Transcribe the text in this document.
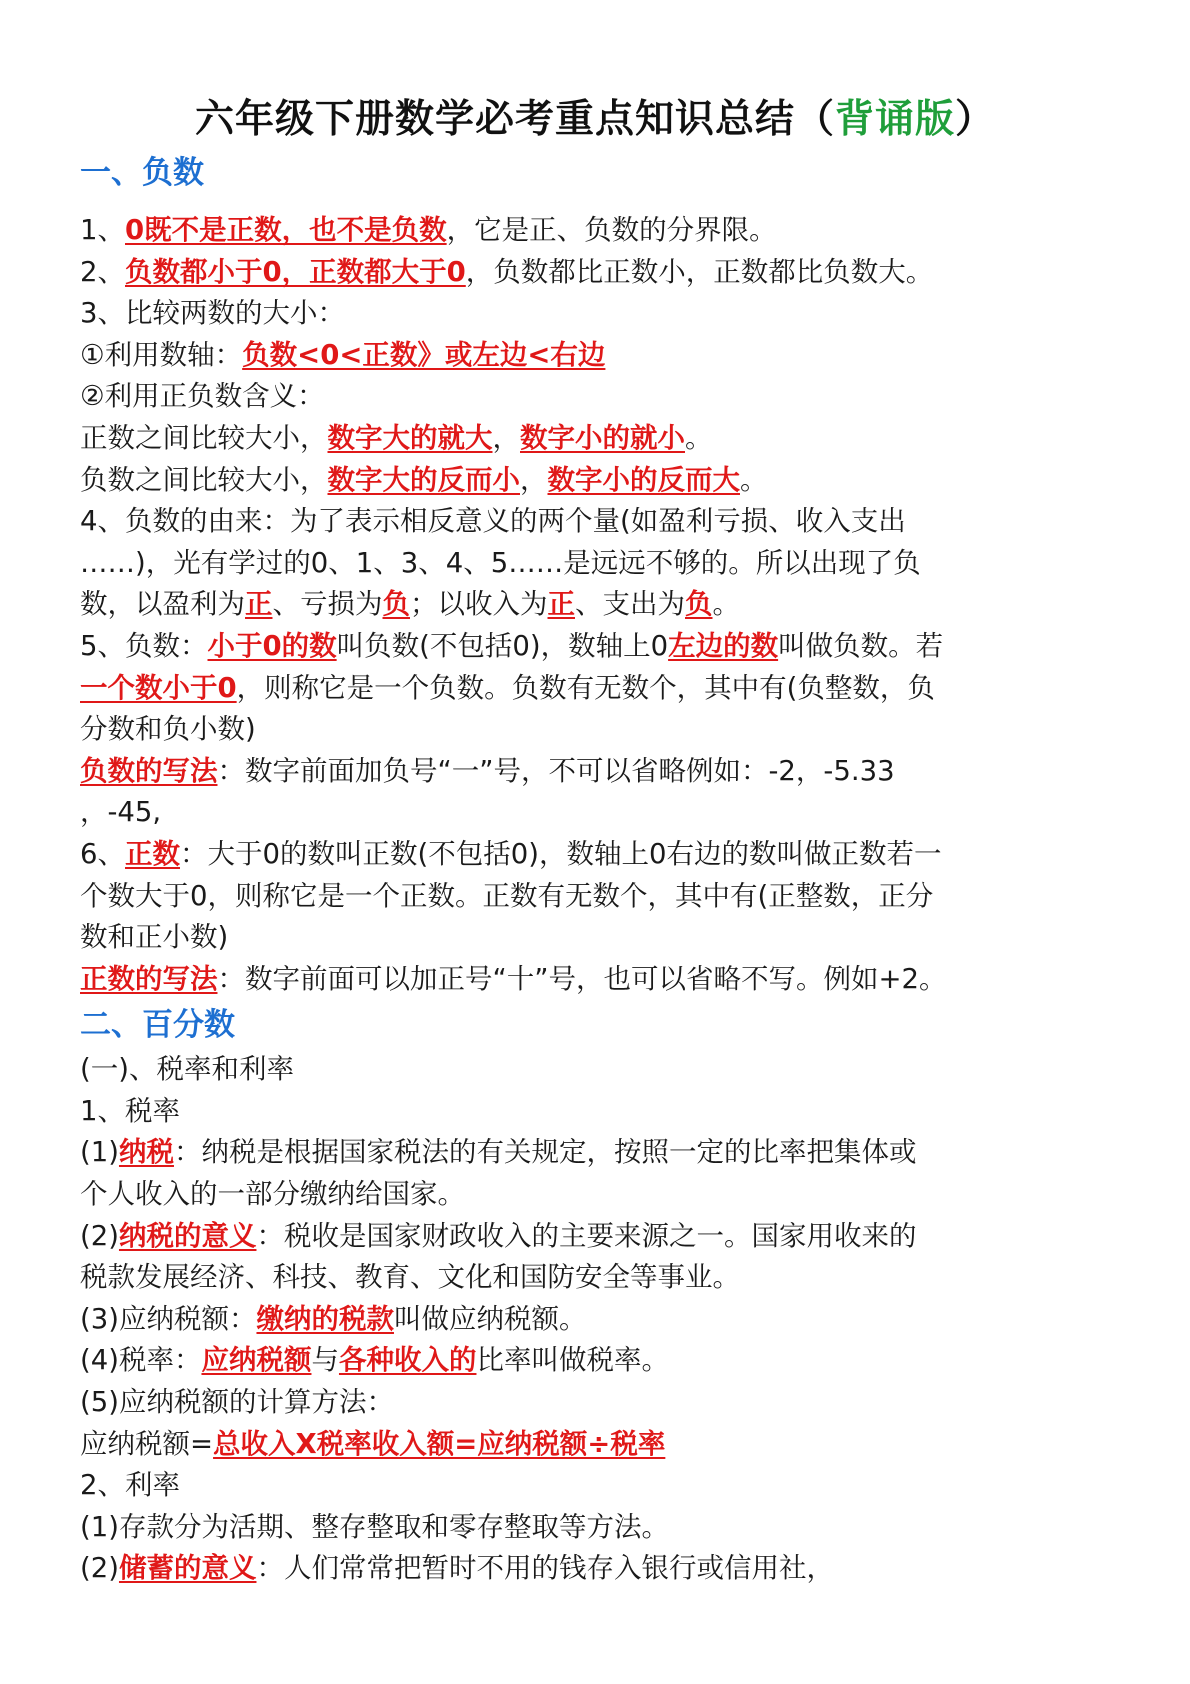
六年级下册数学必考重点知识总结（背诵版）
一、负数
1、0既不是正数，也不是负数，它是正、负数的分界限。
2、负数都小于0，正数都大于0，负数都比正数小，正数都比负数大。
3、比较两数的大小：
①利用数轴：负数<0<正数》或左边<右边
②利用正负数含义：
正数之间比较大小，数字大的就大，数字小的就小。
负数之间比较大小，数字大的反而小，数字小的反而大。
4、负数的由来：为了表示相反意义的两个量(如盈利亏损、收入支出
……)，光有学过的0、1、3、4、5……是远远不够的。所以出现了负
数，以盈利为正、亏损为负；以收入为正、支出为负。
5、负数：小于0的数叫负数(不包括0)，数轴上0左边的数叫做负数。若
一个数小于0，则称它是一个负数。负数有无数个，其中有(负整数，负
分数和负小数)
负数的写法：数字前面加负号“一”号，不可以省略例如：-2，-5.33
，-45,
6、正数：大于0的数叫正数(不包括0)，数轴上0右边的数叫做正数若一
个数大于0，则称它是一个正数。正数有无数个，其中有(正整数，正分
数和正小数)
正数的写法：数字前面可以加正号“十”号，也可以省略不写。例如+2。
二、百分数
(一)、税率和利率
1、税率
(1)纳税：纳税是根据国家税法的有关规定，按照一定的比率把集体或
个人收入的一部分缴纳给国家。
(2)纳税的意义：税收是国家财政收入的主要来源之一。国家用收来的
税款发展经济、科技、教育、文化和国防安全等事业。
(3)应纳税额：缴纳的税款叫做应纳税额。
(4)税率：应纳税额与各种收入的比率叫做税率。
(5)应纳税额的计算方法：
应纳税额=总收入X税率收入额=应纳税额÷税率
2、利率
(1)存款分为活期、整存整取和零存整取等方法。
(2)储蓄的意义：人们常常把暂时不用的钱存入银行或信用社，
